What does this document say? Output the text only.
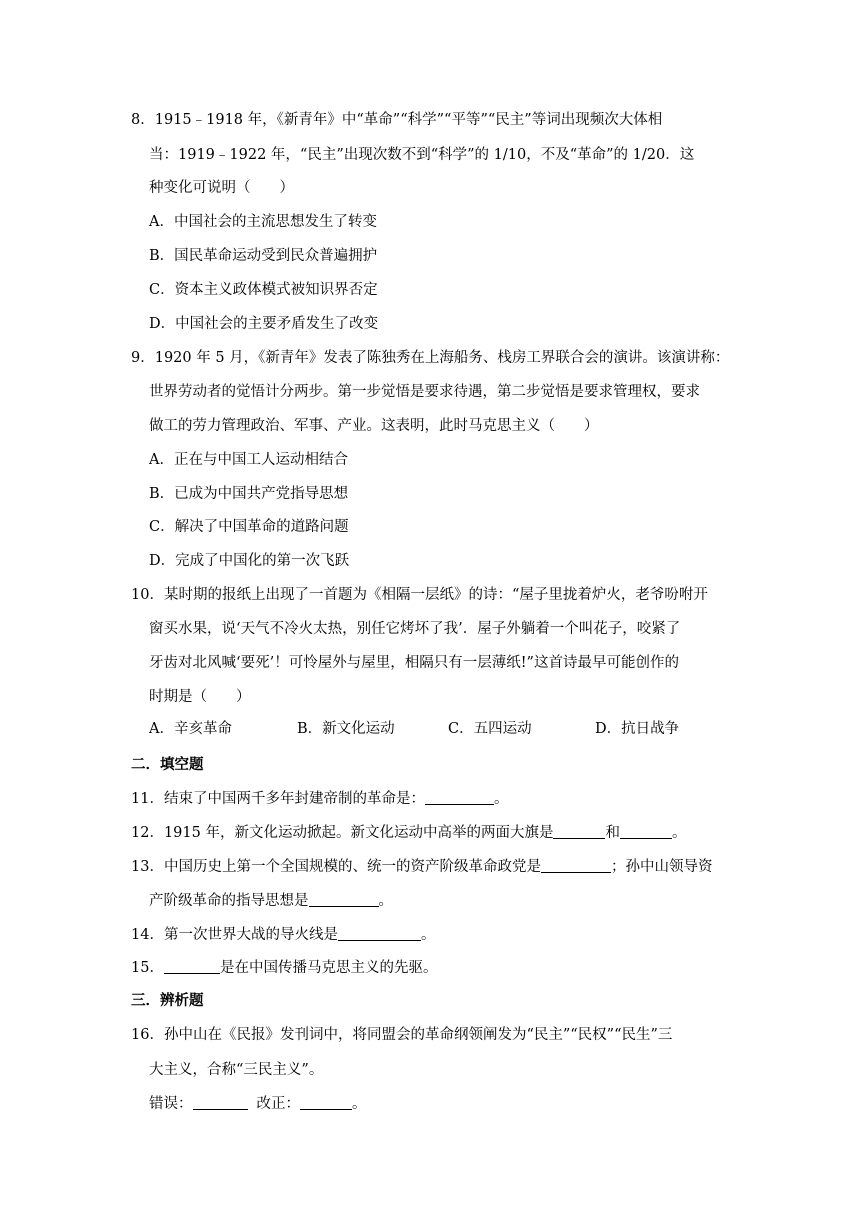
8．1915﹣1918 年，《新青年》中“革命”“科学”“平等”“民主”等词出现频次大体相
当：1919﹣1922 年，“民主”出现次数不到“科学”的 1/10，不及“革命”的 1/20．这
种变化可说明（　　）
A．中国社会的主流思想发生了转变
B．国民革命运动受到民众普遍拥护
C．资本主义政体模式被知识界否定
D．中国社会的主要矛盾发生了改变
9．1920 年 5 月，《新青年》发表了陈独秀在上海船务、栈房工界联合会的演讲。该演讲称：
世界劳动者的觉悟计分两步。第一步觉悟是要求待遇，第二步觉悟是要求管理权，要求
做工的劳力管理政治、军事、产业。这表明，此时马克思主义（　　）
A．正在与中国工人运动相结合
B．已成为中国共产党指导思想
C．解决了中国革命的道路问题
D．完成了中国化的第一次飞跃
10．某时期的报纸上出现了一首题为《相隔一层纸》的诗：“屋子里拢着炉火，老爷吩咐开
窗买水果，说‘天气不冷火太热，别任它烤坏了我’．屋子外躺着一个叫花子，咬紧了
牙齿对北风喊‘要死’！可怜屋外与屋里，相隔只有一层薄纸!”这首诗最早可能创作的
时期是（　　）
A．辛亥革命	B．新文化运动	C．五四运动	D．抗日战争
二．填空题
11．结束了中国两千多年封建帝制的革命是：	。
12．1915 年，新文化运动掀起。新文化运动中高举的两面大旗是	和	。
13．中国历史上第一个全国规模的、统一的资产阶级革命政党是	；孙中山领导资
产阶级革命的指导思想是	。
14．第一次世界大战的导火线是	。
15．	是在中国传播马克思主义的先驱。
三．辨析题
16．孙中山在《民报》发刊词中，将同盟会的革命纲领阐发为“民主”“民权”“民生”三
大主义，合称“三民主义”。
错误：	改正：	。
